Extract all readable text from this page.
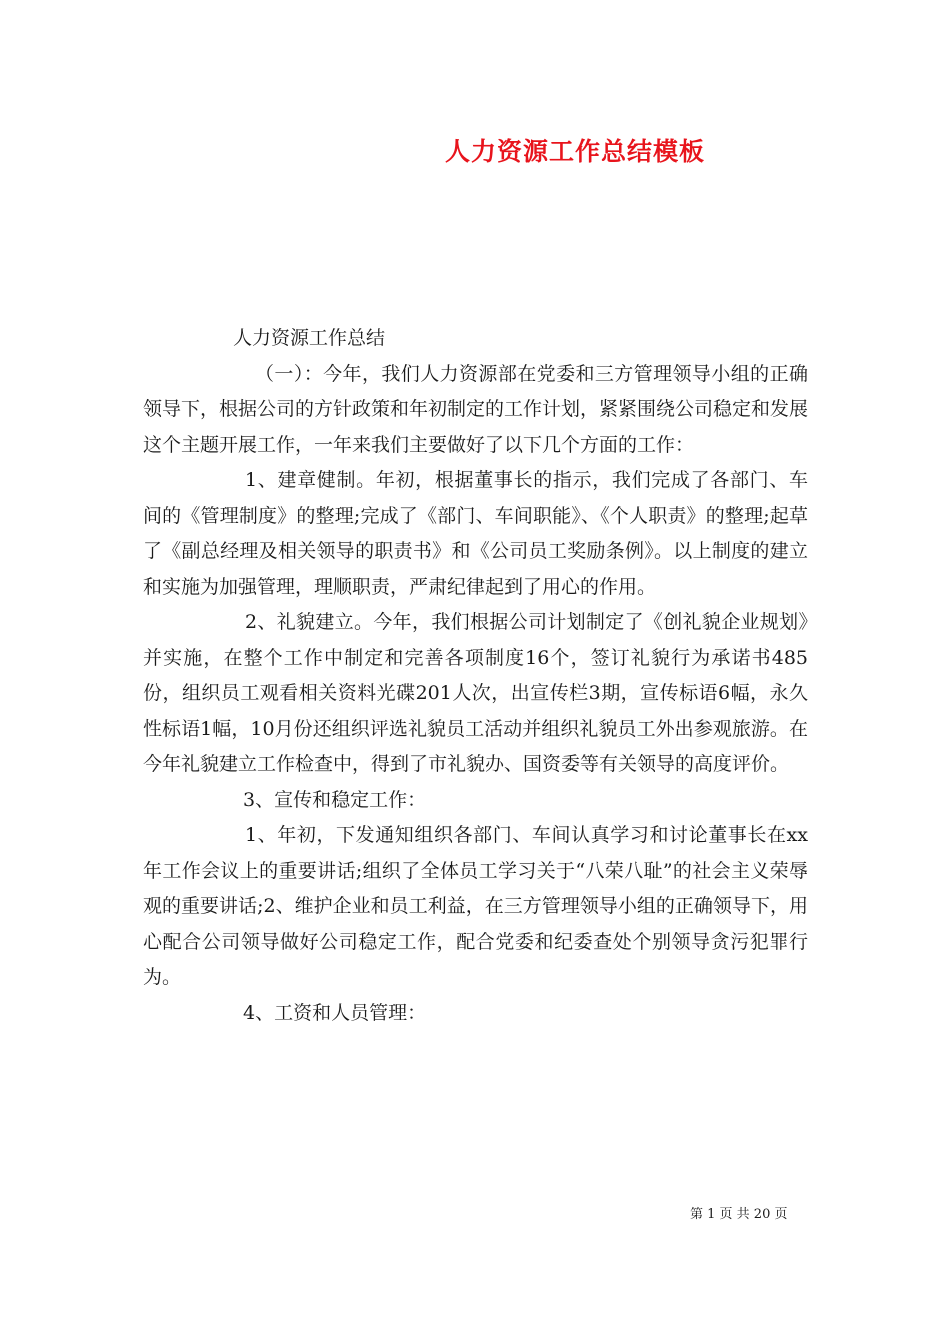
人力资源工作总结模板

人力资源工作总结

（一）：今年，我们人力资源部在党委和三方管理领导小组的正确领导下，根据公司的方针政策和年初制定的工作计划，紧紧围绕公司稳定和发展这个主题开展工作，一年来我们主要做好了以下几个方面的工作：

1、建章健制。年初，根据董事长的指示，我们完成了各部门、车间的《管理制度》的整理;完成了《部门、车间职能》、《个人职责》的整理;起草了《副总经理及相关领导的职责书》和《公司员工奖励条例》。以上制度的建立和实施为加强管理，理顺职责，严肃纪律起到了用心的作用。

2、礼貌建立。今年，我们根据公司计划制定了《创礼貌企业规划》并实施，在整个工作中制定和完善各项制度16个，签订礼貌行为承诺书485份，组织员工观看相关资料光碟201人次，出宣传栏3期，宣传标语6幅，永久性标语1幅，10月份还组织评选礼貌员工活动并组织礼貌员工外出参观旅游。在今年礼貌建立工作检查中，得到了市礼貌办、国资委等有关领导的高度评价。

3、宣传和稳定工作：

1、年初，下发通知组织各部门、车间认真学习和讨论董事长在xx年工作会议上的重要讲话;组织了全体员工学习关于“八荣八耻”的社会主义荣辱观的重要讲话;2、维护企业和员工利益，在三方管理领导小组的正确领导下，用心配合公司领导做好公司稳定工作，配合党委和纪委查处个别领导贪污犯罪行为。

4、工资和人员管理：

第 1 页 共 20 页
